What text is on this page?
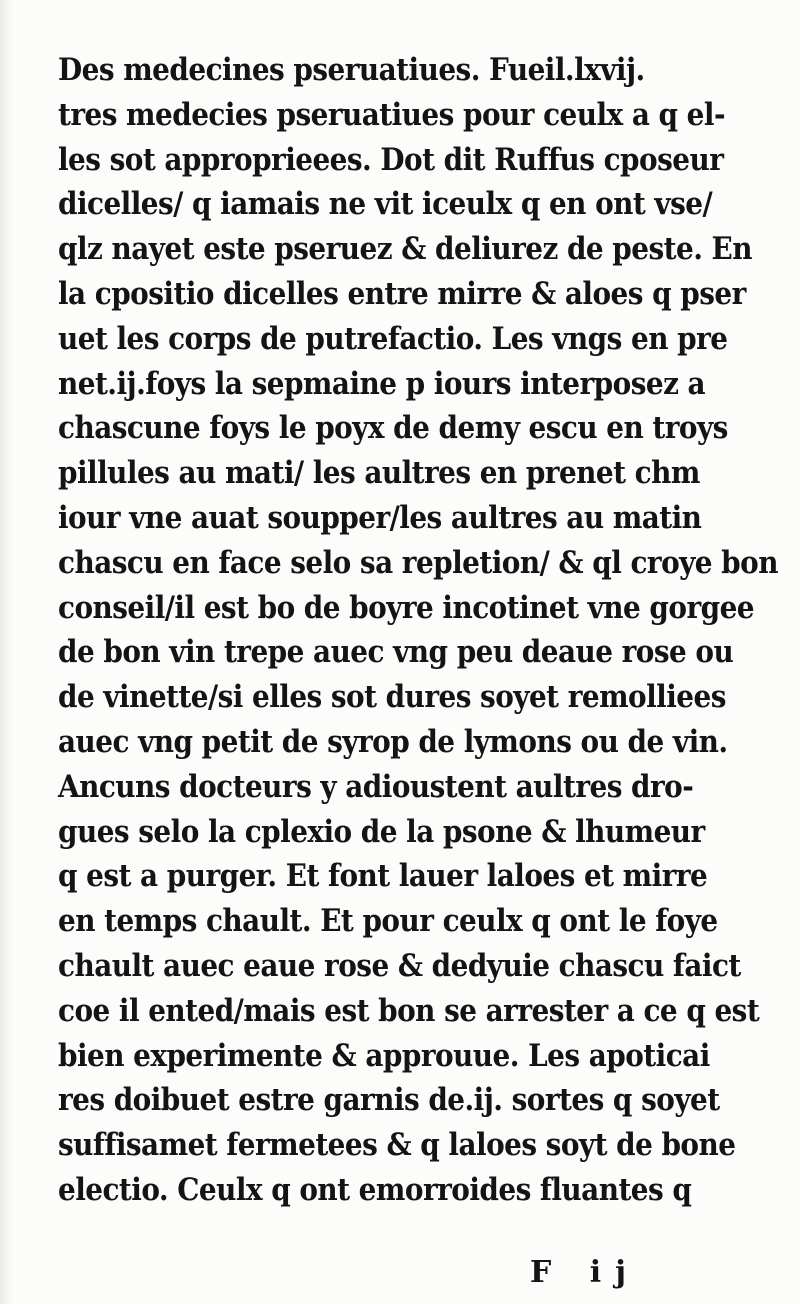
Des medecines pseruatiues. Fueil.lxvij.
tres medecies pseruatiues pour ceulx a q el-
les sot approprieees. Dot dit Ruffus cposeur
dicelles/ q iamais ne vit iceulx q en ont vse/
qlz nayet este pseruez & deliurez de peste. En
la cpositio dicelles entre mirre & aloes q pser
uet les corps de putrefactio. Les vngs en pre
net.ij.foys la sepmaine p iours interposez a
chascune foys le poyx de demy escu en troys
pillules au mati/ les aultres en prenet chm
iour vne auat soupper/les aultres au matin
chascu en face selo sa repletion/ & ql croye bon
conseil/il est bo de boyre incotinet vne gorgee
de bon vin trepe auec vng peu deaue rose ou
de vinette/si elles sot dures soyet remolliees
auec vng petit de syrop de lymons ou de vin.
Ancuns docteurs y adioustent aultres dro-
gues selo la cplexio de la psone & lhumeur
q est a purger. Et font lauer laloes et mirre
en temps chault. Et pour ceulx q ont le foye
chault auec eaue rose & dedyuie chascu faict
coe il ented/mais est bon se arrester a ce q est
bien experimente & approuue. Les apoticai
res doibuet estre garnis de.ij. sortes q soyet
suffisamet fermetees & q laloes soyt de bone
electio. Ceulx q ont emorroides fluantes q
F ij
